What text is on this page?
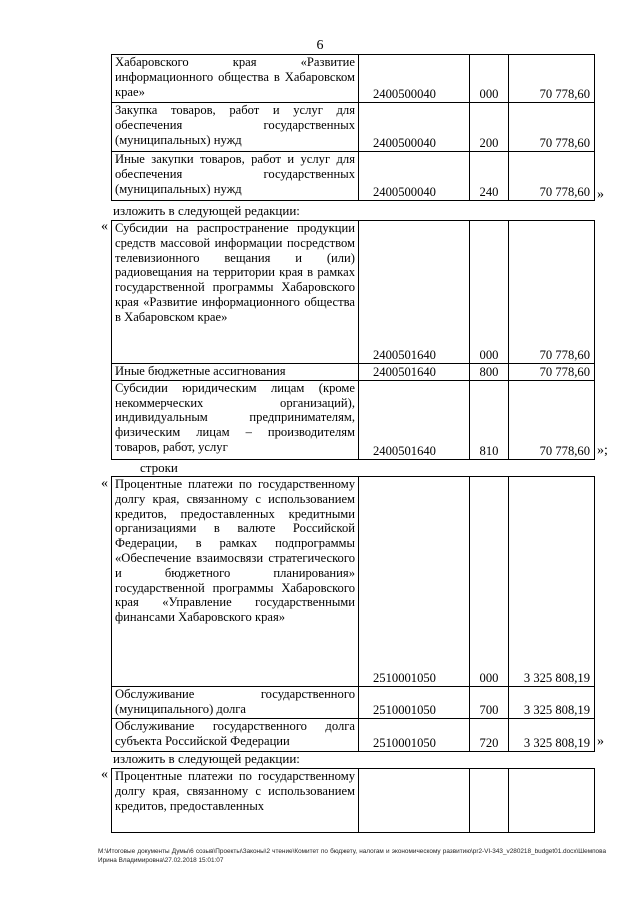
6
Хабаровского края «Развитие информационного общества в Хабаровском крае»	2400500040	000	70 778,60
Закупка товаров, работ и услуг для обеспечения государственных (муниципальных) нужд	2400500040	200	70 778,60
Иные закупки товаров, работ и услуг для обеспечения государственных (муниципальных) нужд	2400500040	240	70 778,60 »
изложить в следующей редакции:
« Субсидии на распространение продукции средств массовой информации посредством телевизионного вещания и (или) радиовещания на территории края в рамках государственной программы Хабаровского края «Развитие информационного общества в Хабаровском крае»	2400501640	000	70 778,60
Иные бюджетные ассигнования	2400501640	800	70 778,60
Субсидии юридическим лицам (кроме некоммерческих организаций), индивидуальным предпринимателям, физическим лицам – производителям товаров, работ, услуг	2400501640	810	70 778,60 »;
строки
« Процентные платежи по государственному долгу края, связанному с использованием кредитов, предоставленных кредитными организациями в валюте Российской Федерации, в рамках подпрограммы «Обеспечение взаимосвязи стратегического и бюджетного планирования» государственной программы Хабаровского края «Управление государственными финансами Хабаровского края»	2510001050	000	3 325 808,19
Обслуживание государственного (муниципального) долга	2510001050	700	3 325 808,19
Обслуживание государственного долга субъекта Российской Федерации	2510001050	720	3 325 808,19 »
изложить в следующей редакции:
« Процентные платежи по государственному долгу края, связанному с использованием кредитов, предоставленных			
M:\Итоговые документы Думы\6 созыв\Проекты\Законы\2 чтение\Комитет по бюджету, налогам и экономическому развитию\pr2-VI-343_v280218_budget01.docx\Шемпова Ирина Владимировна\27.02.2018 15:01:07
